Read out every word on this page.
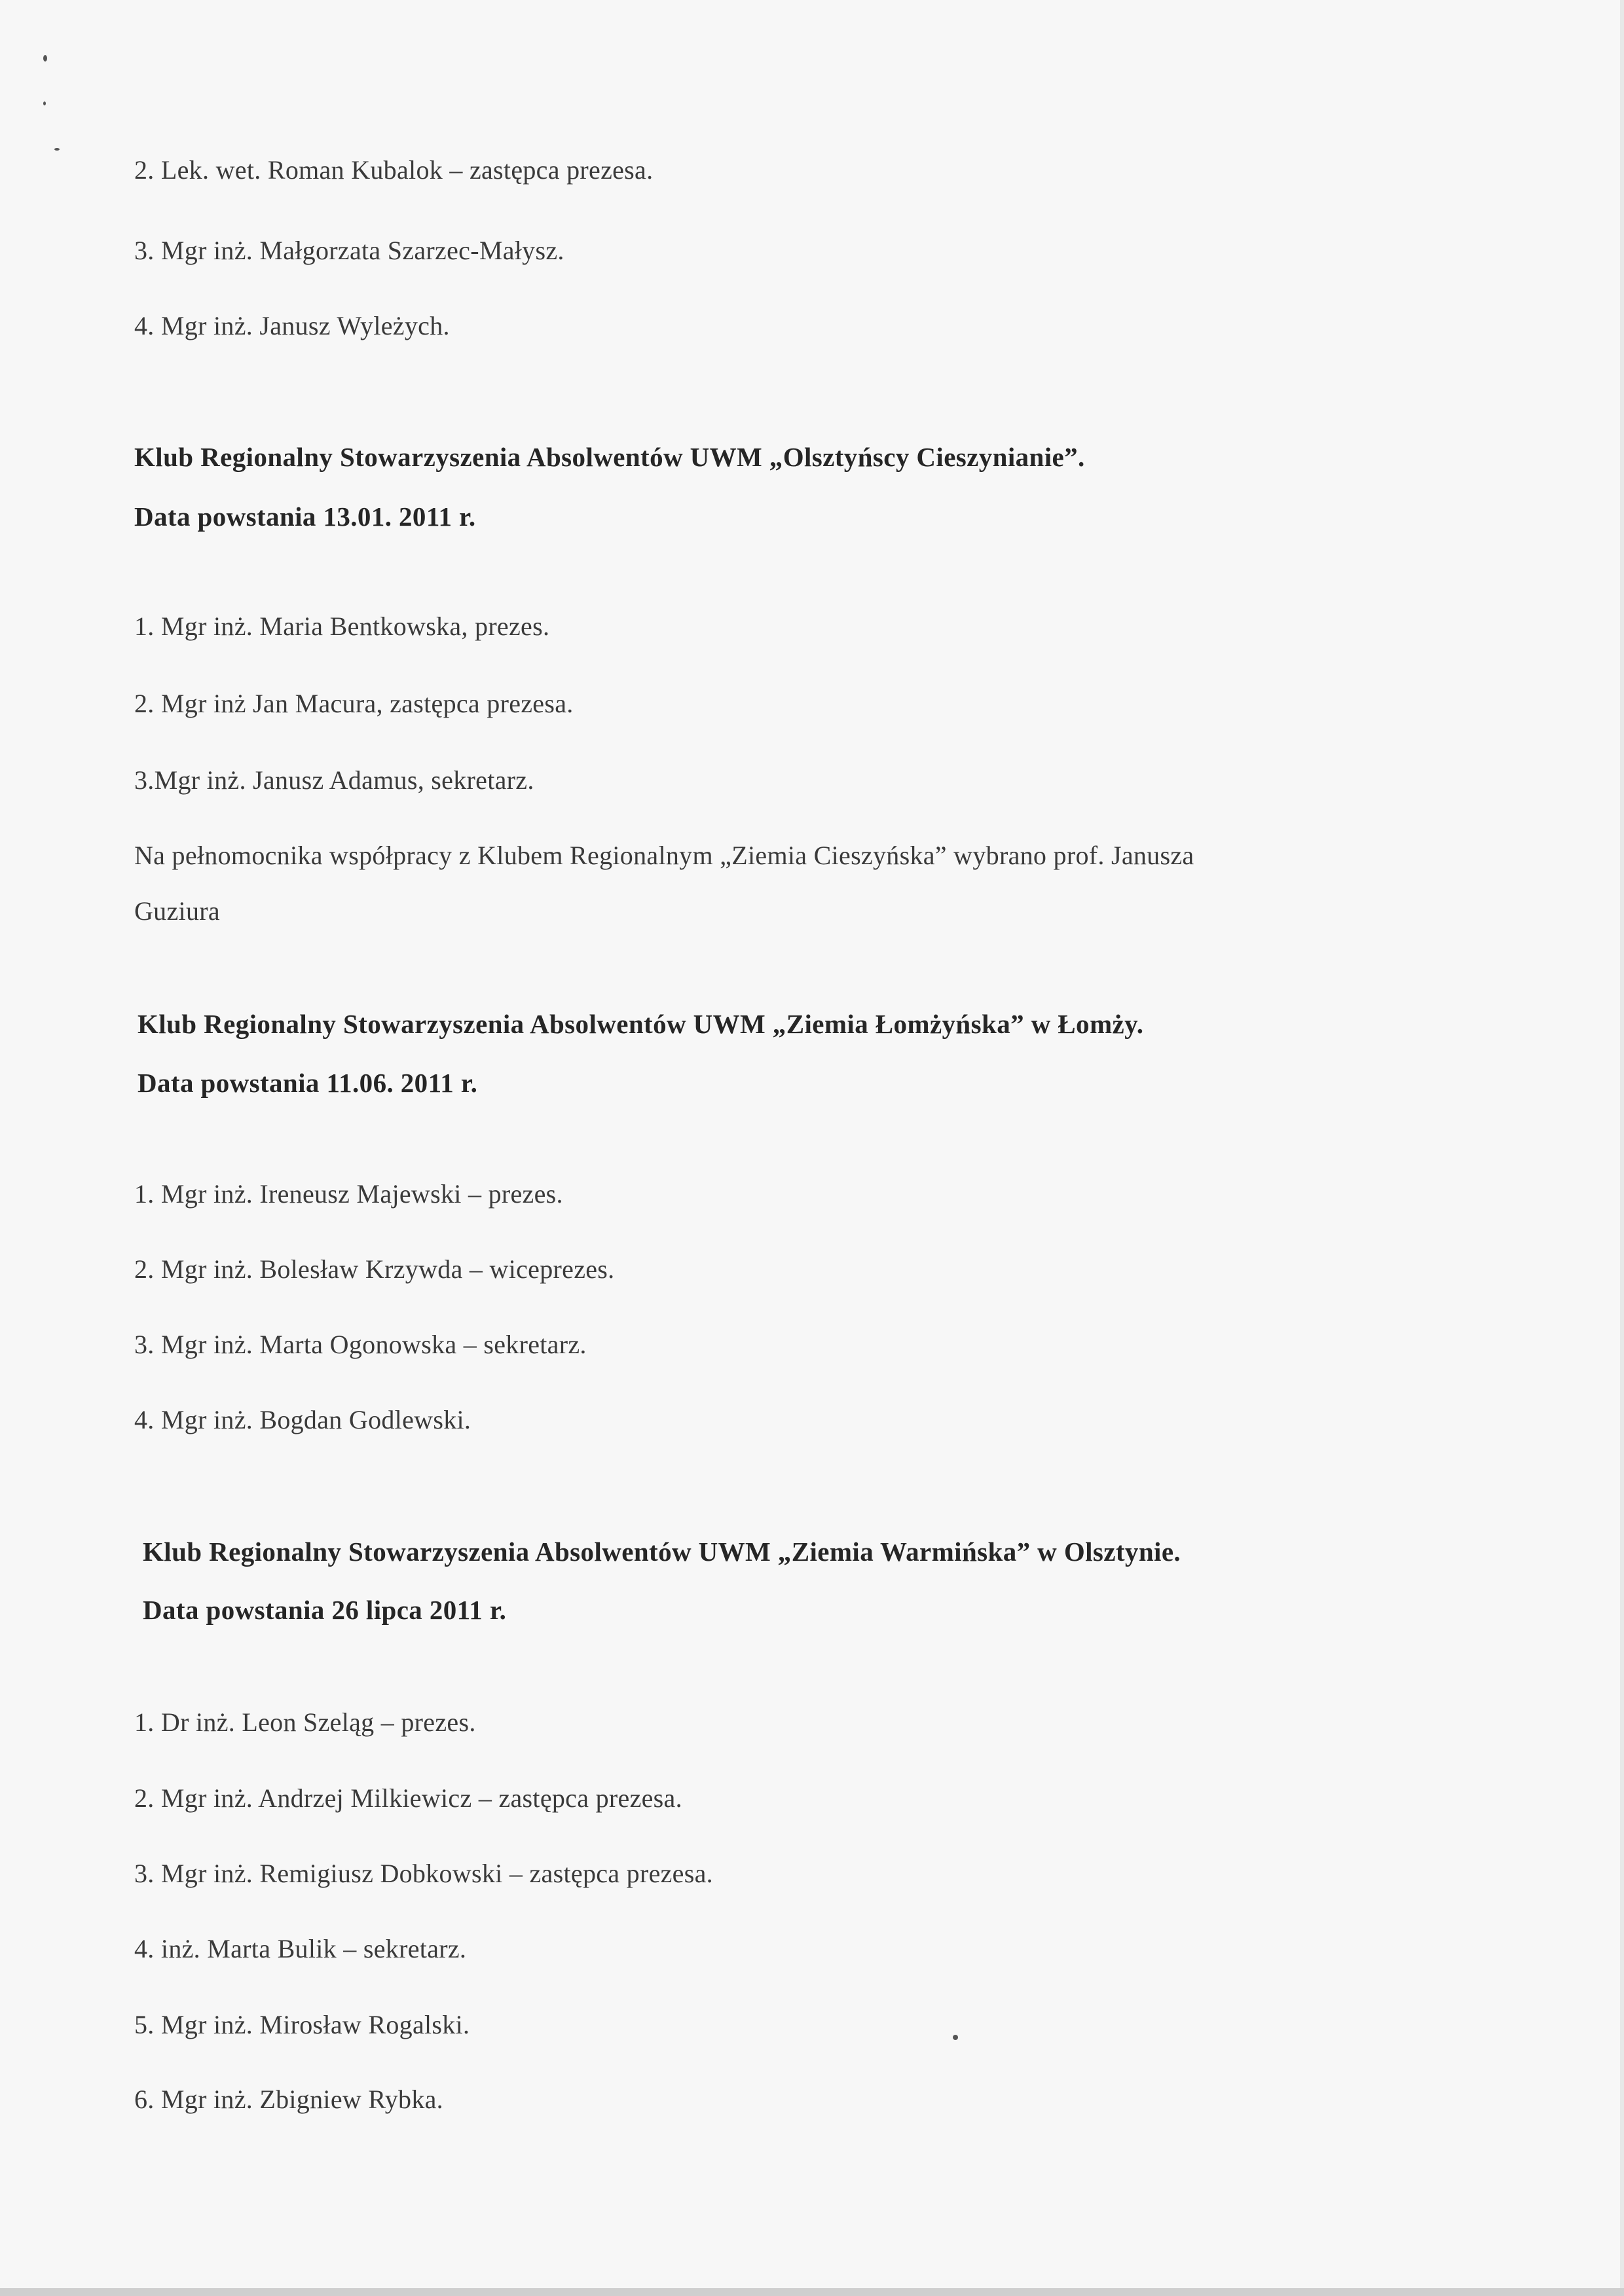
2. Lek. wet. Roman Kubalok – zastępca prezesa.
3. Mgr inż. Małgorzata Szarzec-Małysz.
4. Mgr inż. Janusz Wyleżych.
Klub Regionalny Stowarzyszenia Absolwentów UWM „Olsztyńscy Cieszynianie”.
Data powstania 13.01. 2011 r.
1. Mgr inż. Maria Bentkowska, prezes.
2. Mgr inż Jan Macura, zastępca prezesa.
3.Mgr inż. Janusz Adamus, sekretarz.
Na pełnomocnika współpracy z Klubem Regionalnym „Ziemia Cieszyńska” wybrano prof. Janusza
Guziura
Klub Regionalny Stowarzyszenia Absolwentów UWM „Ziemia Łomżyńska” w Łomży.
Data powstania 11.06. 2011 r.
1. Mgr inż. Ireneusz Majewski – prezes.
2. Mgr inż. Bolesław Krzywda – wiceprezes.
3. Mgr inż. Marta Ogonowska – sekretarz.
4. Mgr inż. Bogdan Godlewski.
Klub Regionalny Stowarzyszenia Absolwentów UWM „Ziemia Warmińska” w Olsztynie.
Data powstania 26 lipca 2011 r.
1. Dr inż. Leon Szeląg – prezes.
2. Mgr inż. Andrzej Milkiewicz – zastępca prezesa.
3. Mgr inż. Remigiusz Dobkowski – zastępca prezesa.
4. inż. Marta Bulik – sekretarz.
5. Mgr inż. Mirosław Rogalski.
6. Mgr inż. Zbigniew Rybka.
